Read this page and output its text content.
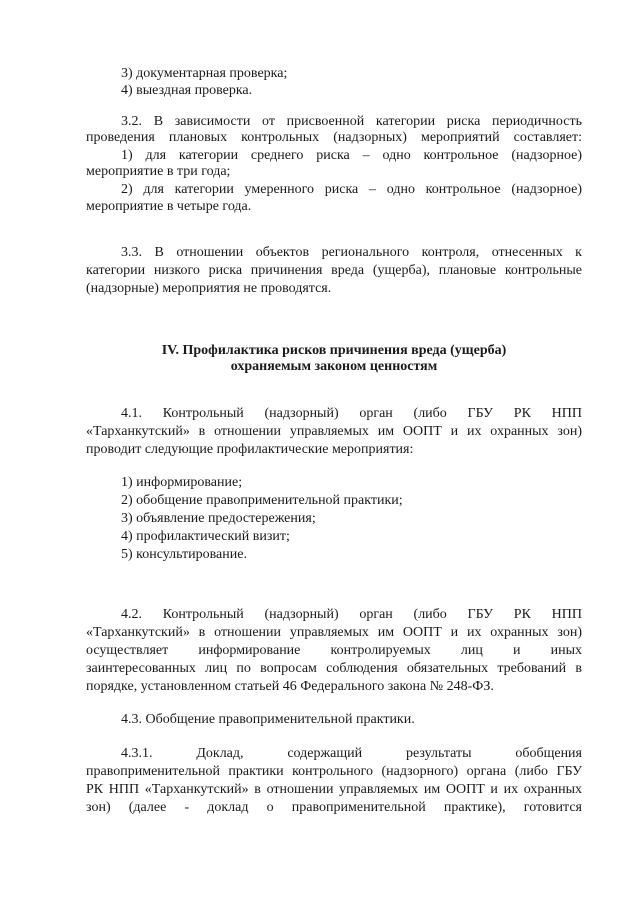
3) документарная проверка;
4) выездная проверка.
3.2. В зависимости от присвоенной категории риска периодичность
проведения плановых контрольных (надзорных) мероприятий составляет:
1) для категории среднего риска – одно контрольное (надзорное)
мероприятие в три года;
2) для категории умеренного риска – одно контрольное (надзорное)
мероприятие в четыре года.
3.3. В отношении объектов регионального контроля, отнесенных к
категории низкого риска причинения вреда (ущерба), плановые контрольные
(надзорные) мероприятия не проводятся.
IV. Профилактика рисков причинения вреда (ущерба)
охраняемым законом ценностям
4.1. Контрольный (надзорный) орган (либо ГБУ РК НПП
«Тарханкутский» в отношении управляемых им ООПТ и их охранных зон)
проводит следующие профилактические мероприятия:
1) информирование;
2) обобщение правоприменительной практики;
3) объявление предостережения;
4) профилактический визит;
5) консультирование.
4.2. Контрольный (надзорный) орган (либо ГБУ РК НПП
«Тарханкутский» в отношении управляемых им ООПТ и их охранных зон)
осуществляет информирование контролируемых лиц и иных
заинтересованных лиц по вопросам соблюдения обязательных требований в
порядке, установленном статьей 46 Федерального закона № 248-ФЗ.
4.3. Обобщение правоприменительной практики.
4.3.1. Доклад, содержащий результаты обобщения
правоприменительной практики контрольного (надзорного) органа (либо ГБУ
РК НПП «Тарханкутский» в отношении управляемых им ООПТ и их охранных
зон) (далее - доклад о правоприменительной практике), готовится
